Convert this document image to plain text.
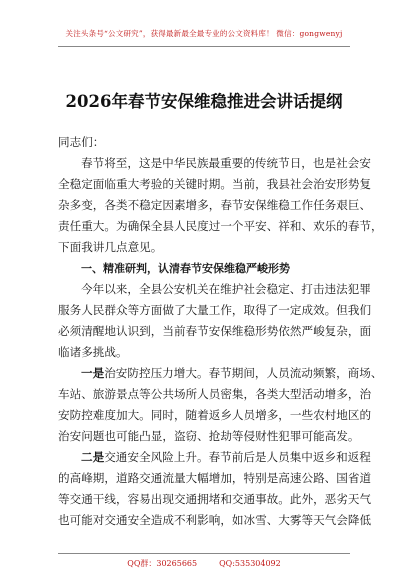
关注头条号“公文研究”，获得最新最全最专业的公文资料库！ 微信：gongwenyj
2026年春节安保维稳推进会讲话提纲
同志们：
春节将至，这是中华民族最重要的传统节日，也是社会安
全稳定面临重大考验的关键时期。当前，我县社会治安形势复
杂多变，各类不稳定因素增多，春节安保维稳工作任务艰巨、
责任重大。为确保全县人民度过一个平安、祥和、欢乐的春节，
下面我讲几点意见。
一、精准研判，认清春节安保维稳严峻形势
今年以来，全县公安机关在维护社会稳定、打击违法犯罪
服务人民群众等方面做了大量工作，取得了一定成效。但我们
必须清醒地认识到，当前春节安保维稳形势依然严峻复杂，面
临诸多挑战。
一是治安防控压力增大。春节期间，人员流动频繁，商场、
车站、旅游景点等公共场所人员密集，各类大型活动增多，治
安防控难度加大。同时，随着返乡人员增多，一些农村地区的
治安问题也可能凸显，盗窃、抢劫等侵财性犯罪可能高发。
二是交通安全风险上升。春节前后是人员集中返乡和返程
的高峰期，道路交通流量大幅增加，特别是高速公路、国省道
等交通干线，容易出现交通拥堵和交通事故。此外，恶劣天气
也可能对交通安全造成不利影响，如冰雪、大雾等天气会降低
QQ群：30265665	QQ:535304092
